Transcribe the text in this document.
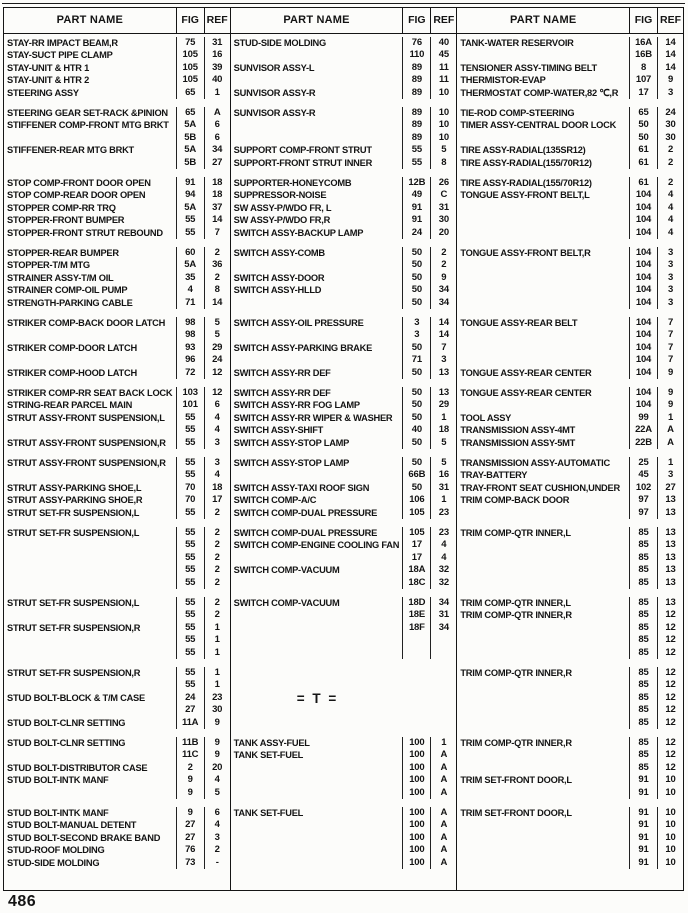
PART NAME	FIG REF
STAY-RR IMPACT BEAM,R	75	31
STAY-SUCT PIPE CLAMP	105	16
STAY-UNIT & HTR 1	105	39
STAY-UNIT & HTR 2	105	40
STEERING ASSY	65	1
STEERING GEAR SET-RACK &PINION	65	A
STIFFENER COMP-FRONT MTG BRKT	5A	6
5B	6
STIFFENER-REAR MTG BRKT	5A	34
5B	27
STOP COMP-FRONT DOOR OPEN	91	18
STOP COMP-REAR DOOR OPEN	94	18
STOPPER COMP-RR TRQ	5A	37
STOPPER-FRONT BUMPER	55	14
STOPPER-FRONT STRUT REBOUND	55	7
STOPPER-REAR BUMPER	60	2
STOPPER-T/M MTG	5A	36
STRAINER ASSY-T/M OIL	35	2
STRAINER COMP-OIL PUMP	4	8
STRENGTH-PARKING CABLE	71	14
STRIKER COMP-BACK DOOR LATCH	98	5
98	5
STRIKER COMP-DOOR LATCH	93	29
96	24
STRIKER COMP-HOOD LATCH	72	12
STRIKER COMP-RR SEAT BACK LOCK	103	12
STRING-REAR PARCEL MAIN	101	6
STRUT ASSY-FRONT SUSPENSION,L	55	4
55	4
STRUT ASSY-FRONT SUSPENSION,R	55	3
STRUT ASSY-FRONT SUSPENSION,R	55	3
55	4
STRUT ASSY-PARKING SHOE,L	70	18
STRUT ASSY-PARKING SHOE,R	70	17
STRUT SET-FR SUSPENSION,L	55	2
STRUT SET-FR SUSPENSION,L	55	2
55	2
55	2
55	2
55	2
STRUT SET-FR SUSPENSION,L	55	2
55	2
STRUT SET-FR SUSPENSION,R	55	1
55	1
55	1
STRUT SET-FR SUSPENSION,R	55	1
55	1
STUD BOLT-BLOCK & T/M CASE	24	23
27	30
STUD BOLT-CLNR SETTING	11A	9
STUD BOLT-CLNR SETTING	11B	9
11C	9
STUD BOLT-DISTRIBUTOR CASE	2	20
STUD BOLT-INTK MANF	9	4
9	5
STUD BOLT-INTK MANF	9	6
STUD BOLT-MANUAL DETENT	27	4
STUD BOLT-SECOND BRAKE BAND	27	3
STUD-ROOF MOLDING	76	2
STUD-SIDE MOLDING	73	-
PART NAME	FIG REF
STUD-SIDE MOLDING	76	40
110	45
SUNVISOR ASSY-L	89	11
89	11
SUNVISOR ASSY-R	89	10
SUNVISOR ASSY-R	89	10
89	10
89	10
SUPPORT COMP-FRONT STRUT	55	5
SUPPORT-FRONT STRUT INNER	55	8
SUPPORTER-HONEYCOMB	12B	26
SUPPRESSOR-NOISE	49	C
SW ASSY-P/WDO FR, L	91	31
SW ASSY-P/WDO FR,R	91	30
SWITCH ASSY-BACKUP LAMP	24	20
SWITCH ASSY-COMB	50	2
50	2
SWITCH ASSY-DOOR	50	9
SWITCH ASSY-HLLD	50	34
50	34
SWITCH ASSY-OIL PRESSURE	3	14
3	14
SWITCH ASSY-PARKING BRAKE	50	7
71	3
SWITCH ASSY-RR DEF	50	13
SWITCH ASSY-RR DEF	50	13
SWITCH ASSY-RR FOG LAMP	50	29
SWITCH ASSY-RR WIPER & WASHER	50	1
SWITCH ASSY-SHIFT	40	18
SWITCH ASSY-STOP LAMP	50	5
SWITCH ASSY-STOP LAMP	50	5
66B	16
SWITCH ASSY-TAXI ROOF SIGN	50	31
SWITCH COMP-A/C	106	1
SWITCH COMP-DUAL PRESSURE	105	23
SWITCH COMP-DUAL PRESSURE	105	23
SWITCH COMP-ENGINE COOLING FAN	17	4
17	4
SWITCH COMP-VACUUM	18A	32
18C	32
SWITCH COMP-VACUUM	18D	34
18E	31
18F	34
= T =
TANK ASSY-FUEL	100	1
TANK SET-FUEL	100	A
100	A
100	A
100	A
TANK SET-FUEL	100	A
100	A
100	A
100	A
100	A
PART NAME	FIG REF
TANK-WATER RESERVOIR	16A	14
16B	14
TENSIONER ASSY-TIMING BELT	8	14
THERMISTOR-EVAP	107	9
THERMOSTAT COMP-WATER,82 ℃,R	17	3
TIE-ROD COMP-STEERING	65	24
TIMER ASSY-CENTRAL DOOR LOCK	50	30
50	30
TIRE ASSY-RADIAL(135SR12)	61	2
TIRE ASSY-RADIAL(155/70R12)	61	2
TIRE ASSY-RADIAL(155/70R12)	61	2
TONGUE ASSY-FRONT BELT,L	104	4
104	4
104	4
104	4
TONGUE ASSY-FRONT BELT,R	104	3
104	3
104	3
104	3
104	3
TONGUE ASSY-REAR BELT	104	7
104	7
104	7
104	7
TONGUE ASSY-REAR CENTER	104	9
TONGUE ASSY-REAR CENTER	104	9
104	9
TOOL ASSY	99	1
TRANSMISSION ASSY-4MT	22A	A
TRANSMISSION ASSY-5MT	22B	A
TRANSMISSION ASSY-AUTOMATIC	25	1
TRAY-BATTERY	45	3
TRAY-FRONT SEAT CUSHION,UNDER	102	27
TRIM COMP-BACK DOOR	97	13
97	13
TRIM COMP-QTR INNER,L	85	13
85	13
85	13
85	13
85	13
TRIM COMP-QTR INNER,L	85	13
TRIM COMP-QTR INNER,R	85	12
85	12
85	12
85	12
TRIM COMP-QTR INNER,R	85	12
85	12
85	12
85	12
85	12
TRIM COMP-QTR INNER,R	85	12
85	12
85	12
TRIM SET-FRONT DOOR,L	91	10
91	10
TRIM SET-FRONT DOOR,L	91	10
91	10
91	10
91	10
91	10
486
